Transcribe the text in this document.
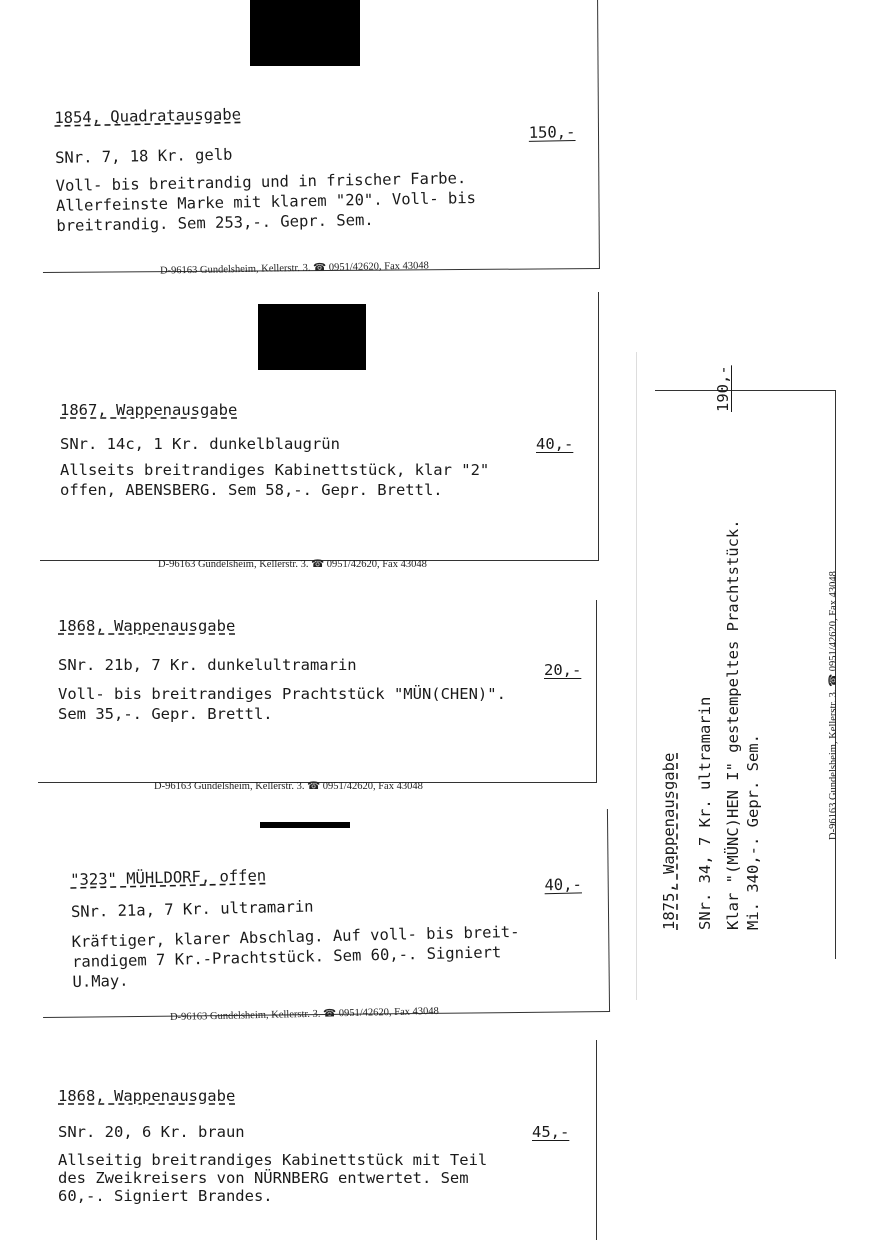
1854, Quadratausgabe
150,-
SNr. 7, 18 Kr. gelb
Voll- bis breitrandig und in frischer Farbe.
Allerfeinste Marke mit klarem "20". Voll- bis
breitrandig. Sem 253,-. Gepr. Sem.
D-96163 Gundelsheim, Kellerstr. 3. ☎ 0951/42620, Fax 43048
1867, Wappenausgabe
SNr. 14c, 1 Kr. dunkelblaugrün	40,-
Allseits breitrandiges Kabinettstück, klar "2"
offen, ABENSBERG. Sem 58,-. Gepr. Brettl.
D-96163 Gundelsheim, Kellerstr. 3. ☎ 0951/42620, Fax 43048
1868, Wappenausgabe
SNr. 21b, 7 Kr. dunkelultramarin	20,-
Voll- bis breitrandiges Prachtstück "MÜN(CHEN)".
Sem 35,-. Gepr. Brettl.
D-96163 Gundelsheim, Kellerstr. 3. ☎ 0951/42620, Fax 43048
"323" MÜHLDORF, offen	40,-
SNr. 21a, 7 Kr. ultramarin
Kräftiger, klarer Abschlag. Auf voll- bis breit-
randigem 7 Kr.-Prachtstück. Sem 60,-. Signiert
U.May.
D-96163 Gundelsheim, Kellerstr. 3. ☎ 0951/42620, Fax 43048
1868, Wappenausgabe
SNr. 20, 6 Kr. braun	45,-
Allseitig breitrandiges Kabinettstück mit Teil
des Zweikreisers von NÜRNBERG entwertet. Sem
60,-. Signiert Brandes.
1875, Wappenausgabe SNr. 34, 7 Kr. ultramarin
190,-
Klar "(MÜNC)HEN I" gestempeltes Prachtstück. Mi. 340,-. Gepr. Sem.	D-96163 Gundelsheim, Kellerstr. 3. ☎ 0951/42620, Fax 43048
